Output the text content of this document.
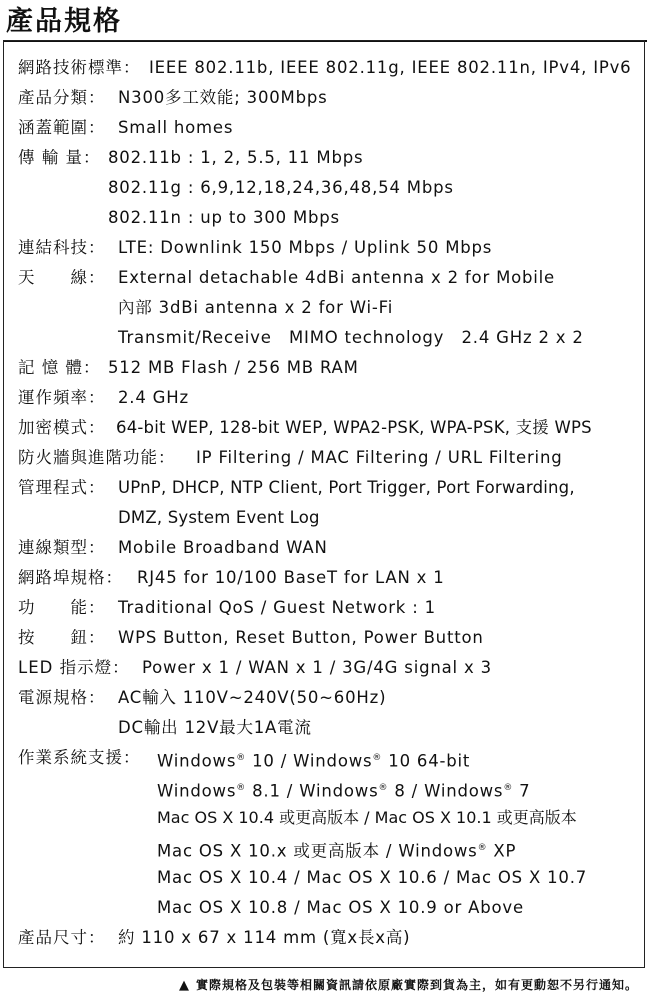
產品規格
網路技術標準： IEEE 802.11b, IEEE 802.11g, IEEE 802.11n, IPv4, IPv6
產品分類： N300多工效能; 300Mbps
涵蓋範圍： Small homes
傳 輸 量： 802.11b : 1, 2, 5.5, 11 Mbps
802.11g : 6,9,12,18,24,36,48,54 Mbps
802.11n : up to 300 Mbps
連結科技： LTE: Downlink 150 Mbps / Uplink 50 Mbps
天　　線： External detachable 4dBi antenna x 2 for Mobile
內部 3dBi antenna x 2 for Wi-Fi
Transmit/Receive　MIMO technology　2.4 GHz 2 x 2
記 憶 體： 512 MB Flash / 256 MB RAM
運作頻率： 2.4 GHz
加密模式： 64-bit WEP, 128-bit WEP, WPA2-PSK, WPA-PSK, 支援 WPS
防火牆與進階功能： IP Filtering / MAC Filtering / URL Filtering
管理程式： UPnP, DHCP, NTP Client, Port Trigger, Port Forwarding,
DMZ, System Event Log
連線類型： Mobile Broadband WAN
網路埠規格： RJ45 for 10/100 BaseT for LAN x 1
功　　能： Traditional QoS / Guest Network : 1
按　　鈕： WPS Button, Reset Button, Power Button
LED 指示燈： Power x 1 / WAN x 1 / 3G/4G signal x 3
電源規格： AC輸入 110V~240V(50~60Hz)
DC輸出 12V最大1A電流
作業系統支援： Windows® 10 / Windows® 10 64-bit
Windows® 8.1 / Windows® 8 / Windows® 7
Mac OS X 10.4 或更高版本 / Mac OS X 10.1 或更高版本
Mac OS X 10.x 或更高版本 / Windows® XP
Mac OS X 10.4 / Mac OS X 10.6 / Mac OS X 10.7
Mac OS X 10.8 / Mac OS X 10.9 or Above
產品尺寸： 約 110 x 67 x 114 mm (寬x長x高)
▲ 實際規格及包裝等相關資訊請依原廠實際到貨為主，如有更動恕不另行通知。
